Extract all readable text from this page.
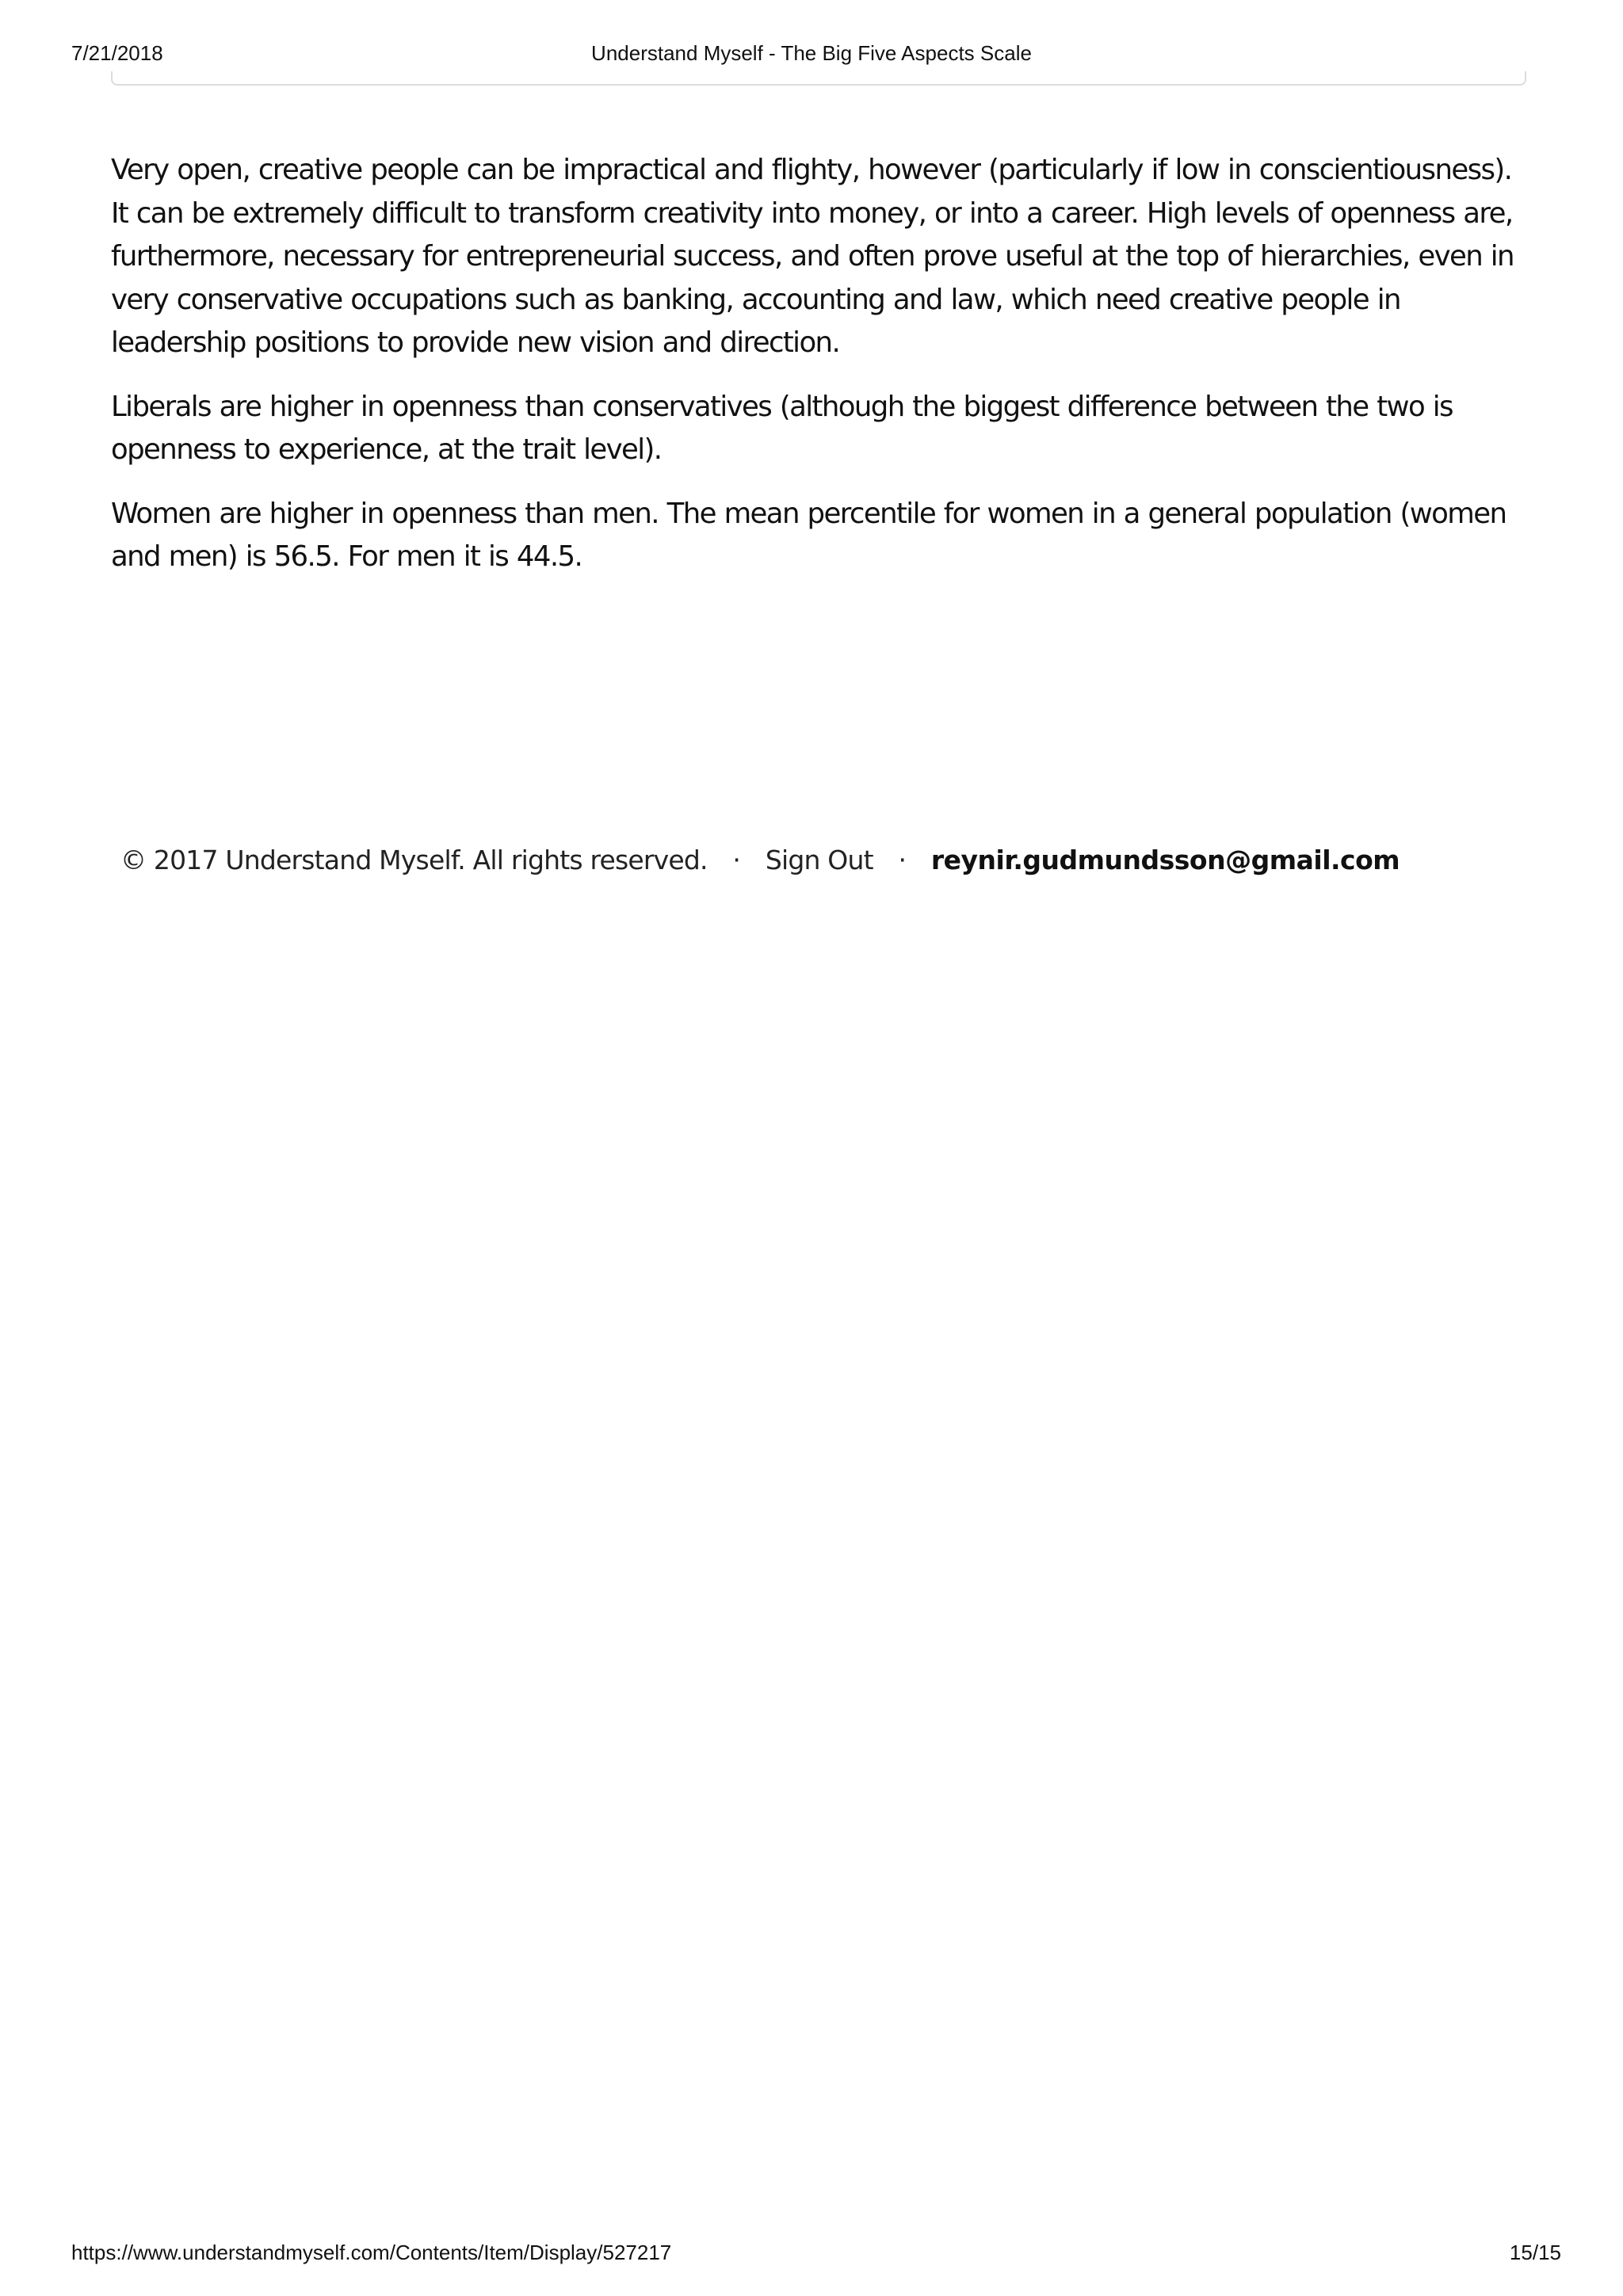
7/21/2018	Understand Myself - The Big Five Aspects Scale

Very open, creative people can be impractical and flighty, however (particularly if low in conscientiousness). It can be extremely difficult to transform creativity into money, or into a career. High levels of openness are, furthermore, necessary for entrepreneurial success, and often prove useful at the top of hierarchies, even in very conservative occupations such as banking, accounting and law, which need creative people in leadership positions to provide new vision and direction.

Liberals are higher in openness than conservatives (although the biggest difference between the two is openness to experience, at the trait level).

Women are higher in openness than men. The mean percentile for women in a general population (women and men) is 56.5. For men it is 44.5.

© 2017 Understand Myself. All rights reserved. · Sign Out · reynir.gudmundsson@gmail.com
https://www.understandmyself.com/Contents/Item/Display/527217	15/15
